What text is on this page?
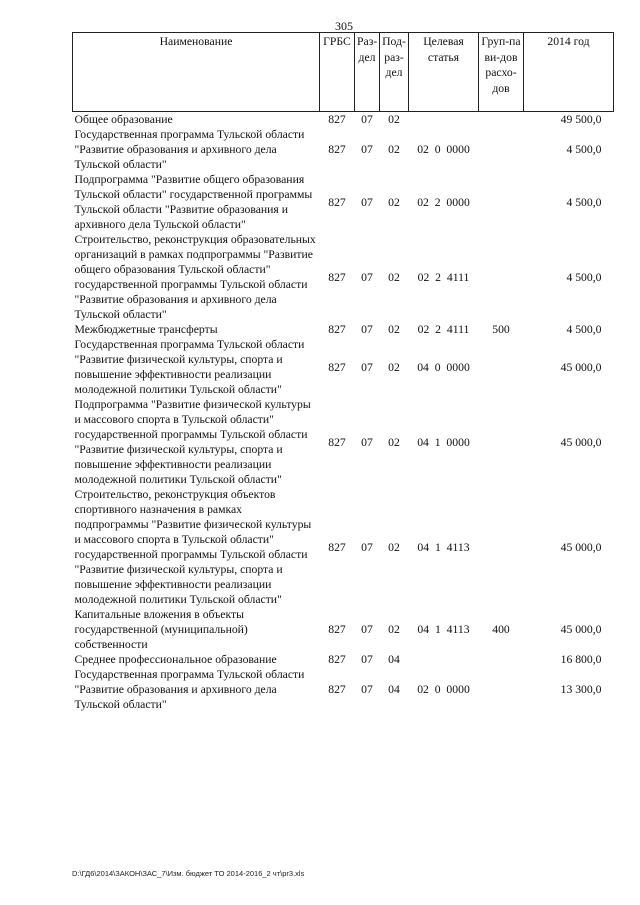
305
Наименование	ГРБС	Раз-дел	Под-раз-дел	Целевая статья	Груп-па ви-дов расхо-дов	2014 год
Общее образование	827	07	02			49 500,0
Государственная программа Тульской области "Развитие образования и архивного дела Тульской области"	827	07	02	02  0  0000		4 500,0
Подпрограмма "Развитие общего образования Тульской области" государственной программы Тульской области "Развитие образования и архивного дела Тульской области"	827	07	02	02  2  0000		4 500,0
Строительство, реконструкция образовательных организаций в рамках подпрограммы "Развитие общего образования Тульской области" государственной программы Тульской области "Развитие образования и архивного дела Тульской области"	827	07	02	02  2  4111		4 500,0
Межбюджетные трансферты	827	07	02	02  2  4111	500	4 500,0
Государственная программа Тульской области "Развитие физической культуры, спорта и повышение эффективности реализации молодежной политики Тульской области"	827	07	02	04  0  0000		45 000,0
Подпрограмма "Развитие физической культуры и массового спорта в Тульской области" государственной программы Тульской области "Развитие физической культуры, спорта и повышение эффективности реализации молодежной политики Тульской области"	827	07	02	04  1  0000		45 000,0
Строительство, реконструкция объектов спортивного назначения в рамках подпрограммы "Развитие физической культуры и массового спорта в Тульской области" государственной программы Тульской области "Развитие физической культуры, спорта и повышение эффективности реализации молодежной политики Тульской области"	827	07	02	04  1  4113		45 000,0
Капитальные вложения в объекты государственной (муниципальной) собственности	827	07	02	04  1  4113	400	45 000,0
Среднее профессиональное образование	827	07	04			16 800,0
Государственная программа Тульской области "Развитие образования и архивного дела Тульской области"	827	07	04	02  0  0000		13 300,0
D:\ГД6\2014\ЗАКОН\ЗАС_7\Изм. бюджет ТО 2014-2016_2 чт\pr3.xls
